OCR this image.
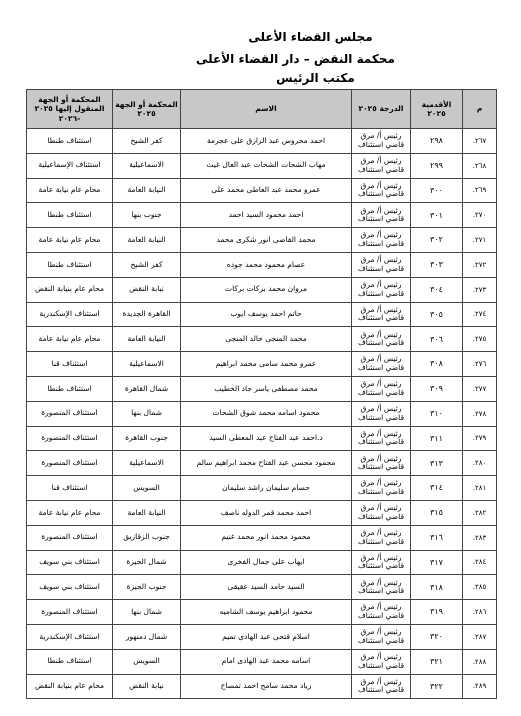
مجلس القضاء الأعلى
محكمة النقض – دار القضاء الأعلى
مكتب الرئيس
م	الأقدمية ٢٠٢٥	الدرجة ٢٠٢٥	الاسم	المحكمة أو الجهة ٢٠٢٥	المحكمة أو الجهة المنقول إليها ٢٠٢٥ -٢٠٢٦
٢٦٧.	٢٩٨	رئيس أ/ مرق قاضي استئناف	احمد محروس عبد الرازق على عجرمة	كفر الشيخ	استئناف طنطا
٢٦٨.	٢٩٩	رئيس أ/ مرق قاضي استئناف	مهاب الشحات الشحات عبد العال غيث	الاسماعيلية	استئناف الإسماعيلية
٢٦٩.	٣٠٠	رئيس أ/ مرق قاضي استئناف	عمرو محمد عبد العاطى محمد على	النيابة العامة	محام عام نيابة عامة
٢٧٠.	٣٠١	رئيس أ/ مرق قاضي استئناف	احمد محمود السيد احمد	جنوب بنها	استئناف طنطا
٢٧١.	٣٠٢	رئيس أ/ مرق قاضي استئناف	محمد القاضى انور شكرى محمد	النيابة العامة	محام عام نيابة عامة
٢٧٢.	٣٠٣	رئيس أ/ مرق قاضي استئناف	عصام محمود محمد جوده	كفر الشيخ	استئناف طنطا
٢٧٣.	٣٠٤	رئيس أ/ مرق قاضي استئناف	مروان محمد بركات بركات	نيابة النقض	محام عام بنيابة النقض
٢٧٤.	٣٠٥	رئيس أ/ مرق قاضي استئناف	حاتم احمد يوسف ايوب	القاهرة الجديدة	استئناف الإسكندرية
٢٧٥.	٣٠٦	رئيس أ/ مرق قاضي استئناف	محمد المنجى خالد المنجى	النيابة العامة	محام عام نيابة عامة
٢٧٦.	٣٠٨	رئيس أ/ مرق قاضي استئناف	عمرو محمد سامى محمد ابراهيم	الاسماعيلية	استئناف قنا
٢٧٧.	٣٠٩	رئيس أ/ مرق قاضي استئناف	محمد مصطفى ياسر جاد الخطيب	شمال القاهرة	استئناف طنطا
٢٧٨.	٣١٠	رئيس أ/ مرق قاضي استئناف	محمود اسامه محمد شوق الشحات	شمال بنها	استئناف المنصورة
٢٧٩.	٣١١	رئيس أ/ مرق قاضي استئناف	د.احمد عبد الفتاح عبد المعطى السيد	جنوب القاهرة	استئناف المنصورة
٢٨٠.	٣١٣	رئيس أ/ مرق قاضي استئناف	محمود محسن عبد الفتاح محمد ابراهيم سالم	الاسماعيلية	استئناف المنصورة
٢٨١.	٣١٤	رئيس أ/ مرق قاضي استئناف	حسام سليمان راشد سليمان	السويس	استئناف قنا
٢٨٢.	٣١٥	رئيس أ/ مرق قاضي استئناف	احمد محمد قمر الدوله ناصف	النيابة العامة	محام عام نيابة عامة
٢٨٣.	٣١٦	رئيس أ/ مرق قاضي استئناف	محمود محمد انور محمد غنيم	جنوب الزقازيق	استئناف المنصورة
٢٨٤.	٣١٧	رئيس أ/ مرق قاضي استئناف	ايهاب على جمال الفخرى	شمال الجيزة	استئناف بني سويف
٢٨٥.	٣١٨	رئيس أ/ مرق قاضي استئناف	السيد حامد السيد عقيقى	جنوب الجيزة	استئناف بني سويف
٢٨٦.	٣١٩	رئيس أ/ مرق قاضي استئناف	محمود ابراهيم يوسف الشاميه	شمال بنها	استئناف المنصورة
٢٨٧.	٣٢٠	رئيس أ/ مرق قاضي استئناف	اسلام فتحى عبد الهادى تميم	شمال دمنهور	استئناف الإسكندرية
٢٨٨.	٣٢١	رئيس أ/ مرق قاضي استئناف	اسامه محمد عبد الهادى امام	السويس	استئناف طنطا
٢٨٩.	٣٢٢	رئيس أ/ مرق قاضي استئناف	زياد محمد سامح احمد تمساح	نيابة النقض	محام عام بنيابة النقض
